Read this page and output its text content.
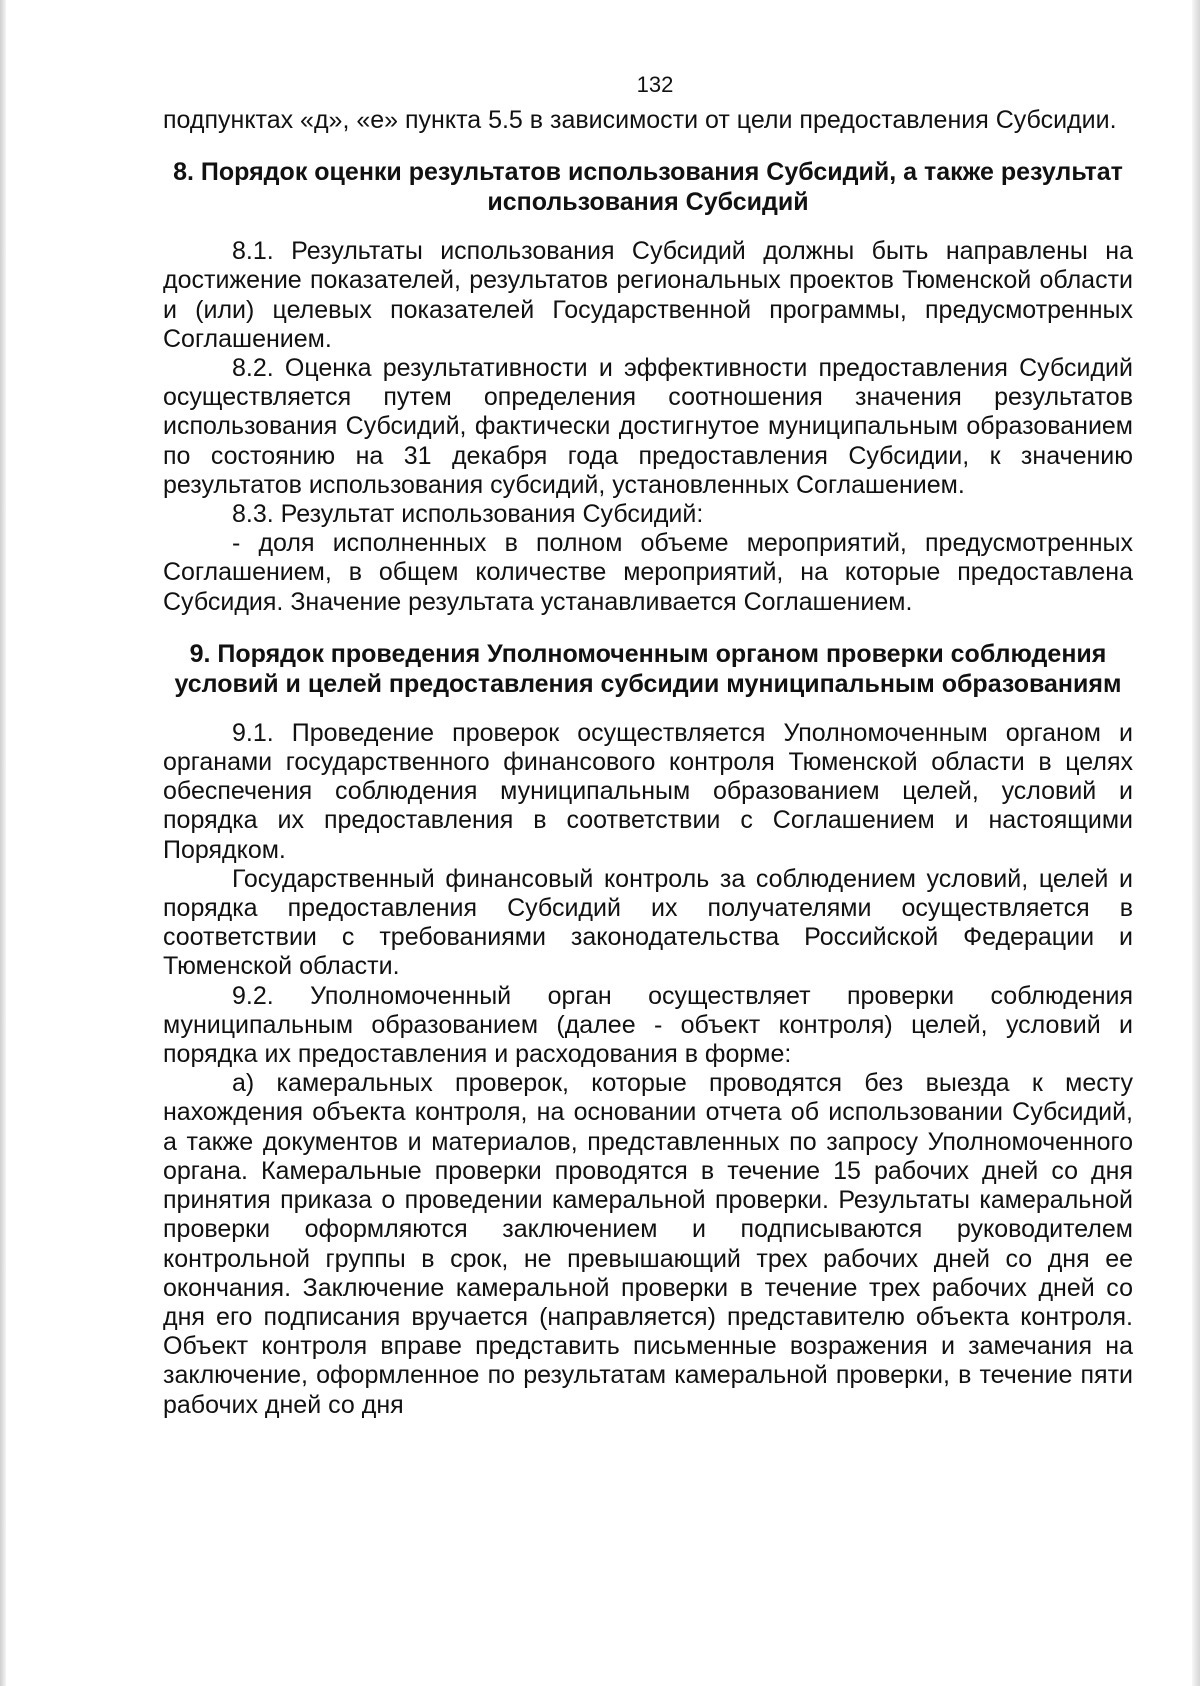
132

подпунктах «д», «е» пункта 5.5 в зависимости от цели предоставления Субсидии.

8. Порядок оценки результатов использования Субсидий, а также результат использования Субсидий

8.1. Результаты использования Субсидий должны быть направлены на достижение показателей, результатов региональных проектов Тюменской области и (или) целевых показателей Государственной программы, предусмотренных Соглашением.

8.2. Оценка результативности и эффективности предоставления Субсидий осуществляется путем определения соотношения значения результатов использования Субсидий, фактически достигнутое муниципальным образованием по состоянию на 31 декабря года предоставления Субсидии, к значению результатов использования субсидий, установленных Соглашением.

8.3. Результат использования Субсидий:

- доля исполненных в полном объеме мероприятий, предусмотренных Соглашением, в общем количестве мероприятий, на которые предоставлена Субсидия. Значение результата устанавливается Соглашением.

9. Порядок проведения Уполномоченным органом проверки соблюдения условий и целей предоставления субсидии муниципальным образованиям

9.1. Проведение проверок осуществляется Уполномоченным органом и органами государственного финансового контроля Тюменской области в целях обеспечения соблюдения муниципальным образованием целей, условий и порядка их предоставления в соответствии с Соглашением и настоящими Порядком.

Государственный финансовый контроль за соблюдением условий, целей и порядка предоставления Субсидий их получателями осуществляется в соответствии с требованиями законодательства Российской Федерации и Тюменской области.

9.2. Уполномоченный орган осуществляет проверки соблюдения муниципальным образованием (далее - объект контроля) целей, условий и порядка их предоставления и расходования в форме:

а) камеральных проверок, которые проводятся без выезда к месту нахождения объекта контроля, на основании отчета об использовании Субсидий, а также документов и материалов, представленных по запросу Уполномоченного органа. Камеральные проверки проводятся в течение 15 рабочих дней со дня принятия приказа о проведении камеральной проверки. Результаты камеральной проверки оформляются заключением и подписываются руководителем контрольной группы в срок, не превышающий трех рабочих дней со дня ее окончания. Заключение камеральной проверки в течение трех рабочих дней со дня его подписания вручается (направляется) представителю объекта контроля. Объект контроля вправе представить письменные возражения и замечания на заключение, оформленное по результатам камеральной проверки, в течение пяти рабочих дней со дня
